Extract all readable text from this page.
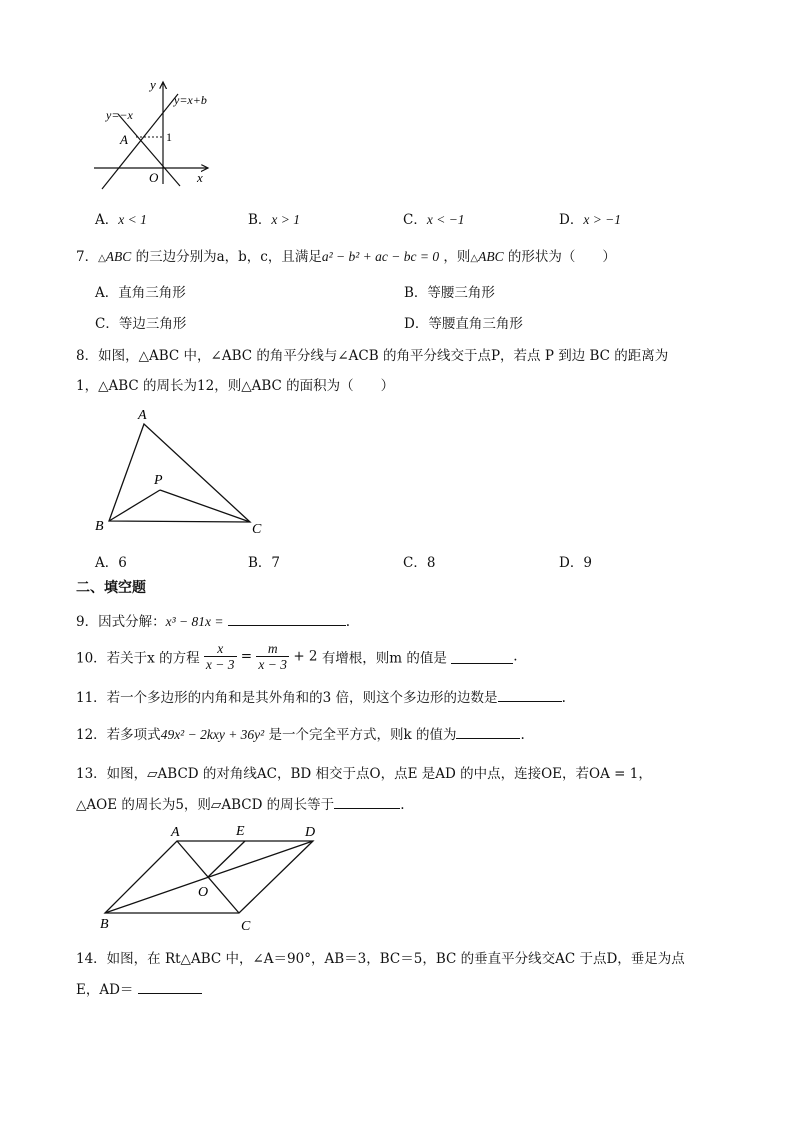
y
y=x+b
y=−x
A	1
O	x
A．x < 1	B．x > 1	C．x < −1	D．x > −1
7．△ABC 的三边分别为a，b，c，且满足a² − b² + ac − bc = 0 ，则△ABC 的形状为（　　）
A．直角三角形	B．等腰三角形
C．等边三角形	D．等腰直角三角形
8．如图，△ABC 中，∠ABC 的角平分线与∠ACB 的角平分线交于点P，若点 P 到边 BC 的距离为
1，△ABC 的周长为12，则△ABC 的面积为（　　）
A
P
B	C
A．6	B．7	C．8	D．9
二、填空题
9．因式分解：x³ − 81x =	.
10．若关于x 的方程 $\frac{x}{x - 3} = \frac{m}{x - 3} + 2$ 有增根，则m 的值是	.
11．若一个多边形的内角和是其外角和的3 倍，则这个多边形的边数是	.
12．若多项式49x² − 2kxy + 36y² 是一个完全平方式，则k 的值为	.
13．如图，▱ABCD 的对角线AC，BD 相交于点O，点E 是AD 的中点，连接OE，若OA = 1，
△AOE 的周长为5，则▱ABCD 的周长等于	.
A	E	D
O
B	C
14．如图，在 Rt△ABC 中，∠A＝90°，AB＝3，BC＝5，BC 的垂直平分线交AC 于点D，垂足为点
E，AD＝
